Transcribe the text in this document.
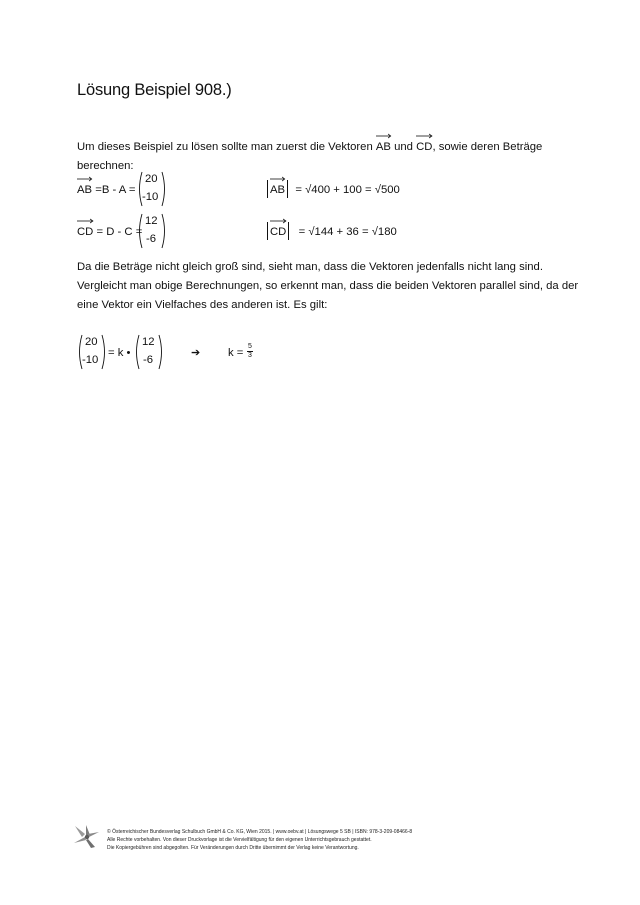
Lösung Beispiel 908.)
Um dieses Beispiel zu lösen sollte man zuerst die Vektoren AB und CD, sowie deren Beträge
berechnen:
AB =B - A =
20
-10
AB = √400 + 100 = √500
CD = D - C =
12
-6
CD = √144 + 36 = √180
Da die Beträge nicht gleich groß sind, sieht man, dass die Vektoren jedenfalls nicht lang sind.
Vergleicht man obige Berechnungen, so erkennt man, dass die beiden Vektoren parallel sind, da der
eine Vektor ein Vielfaches des anderen ist. Es gilt:
20
-10
= k •
12
-6
➔ $k = \frac{5}{3}$
© Österreichischer Bundesverlag Schulbuch GmbH & Co. KG, Wien 2015. | www.oebv.at | Lösungswege 5 SB | ISBN: 978-3-209-08466-8
Alle Rechte vorbehalten. Von dieser Druckvorlage ist die Vervielfältigung für den eigenen Unterrichtsgebrauch gestattet.
Die Kopiergebühren sind abgegolten. Für Veränderungen durch Dritte übernimmt der Verlag keine Verantwortung.
